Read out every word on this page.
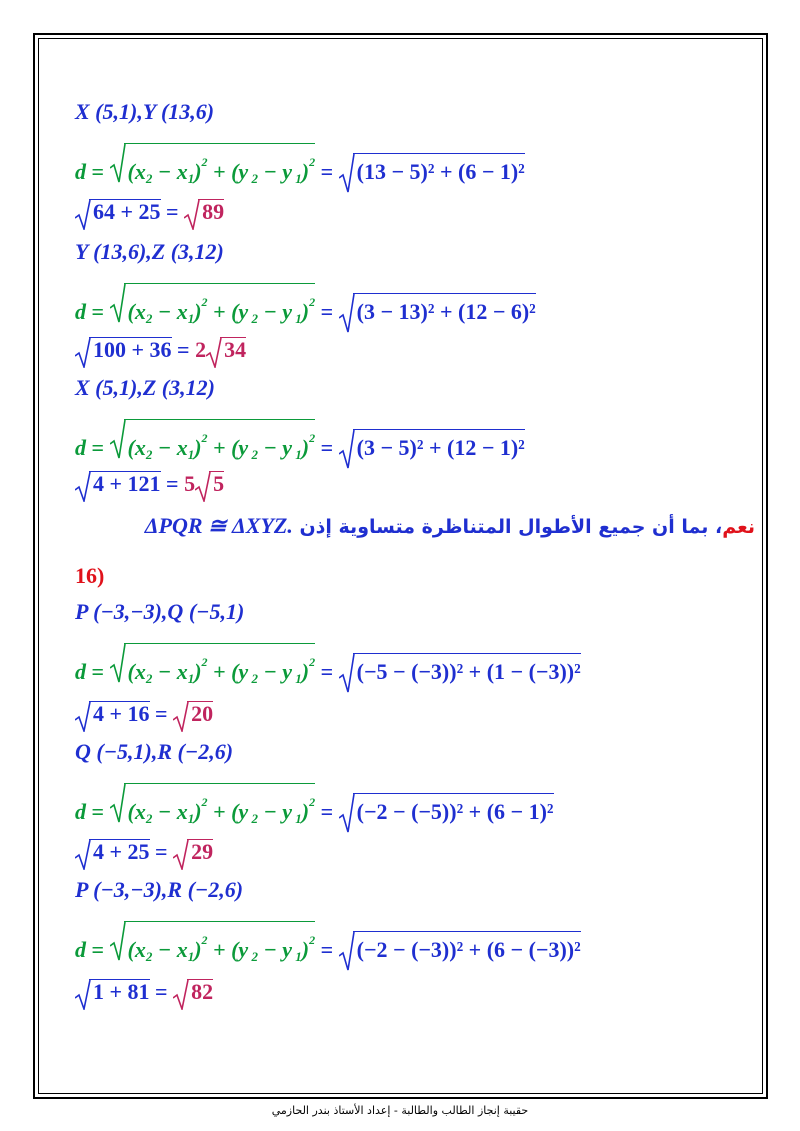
X (5,1),Y (13,6)
d =
$(x_2 - x_1)^2 + (y$ $_2$ − y $_1$)$^2$ =
(13 − 5)² + (6 − 1)²
64 + 25 =
89
Y (13,6),Z (3,12)
d =
$(x_2 - x_1)^2 + (y$ $_2$ − y $_1$)$^2$ =
(3 − 13)² + (12 − 6)²
100 + 36 = 2 34
X (5,1),Z (3,12)
d =
$(x_2 - x_1)^2 + (y$ $_2$ − y $_1$)$^2$ =
(3 − 5)² + (12 − 1)²
4 + 121 = 5 5
نعم، بما أن جميع الأطوال المتناظرة متساوية إذن ΔPQR ≅ ΔXYZ.
16)
P (−3,−3),Q (−5,1)
d =
$(x_2 - x_1)^2 + (y$ $_2$ − y $_1$)$^2$ =
(−5 − (−3))² + (1 − (−3))²
4 + 16 =
20
Q (−5,1),R (−2,6)
d =
$(x_2 - x_1)^2 + (y$ $_2$ − y $_1$)$^2$ =
(−2 − (−5))² + (6 − 1)²
4 + 25 =
29
P (−3,−3),R (−2,6)
d =
$(x_2 - x_1)^2 + (y$ $_2$ − y $_1$)$^2$ =
(−2 − (−3))² + (6 − (−3))²
1 + 81 =
82
حقيبة إنجاز الطالب والطالبة - إعداد الأستاذ بندر الحازمي
